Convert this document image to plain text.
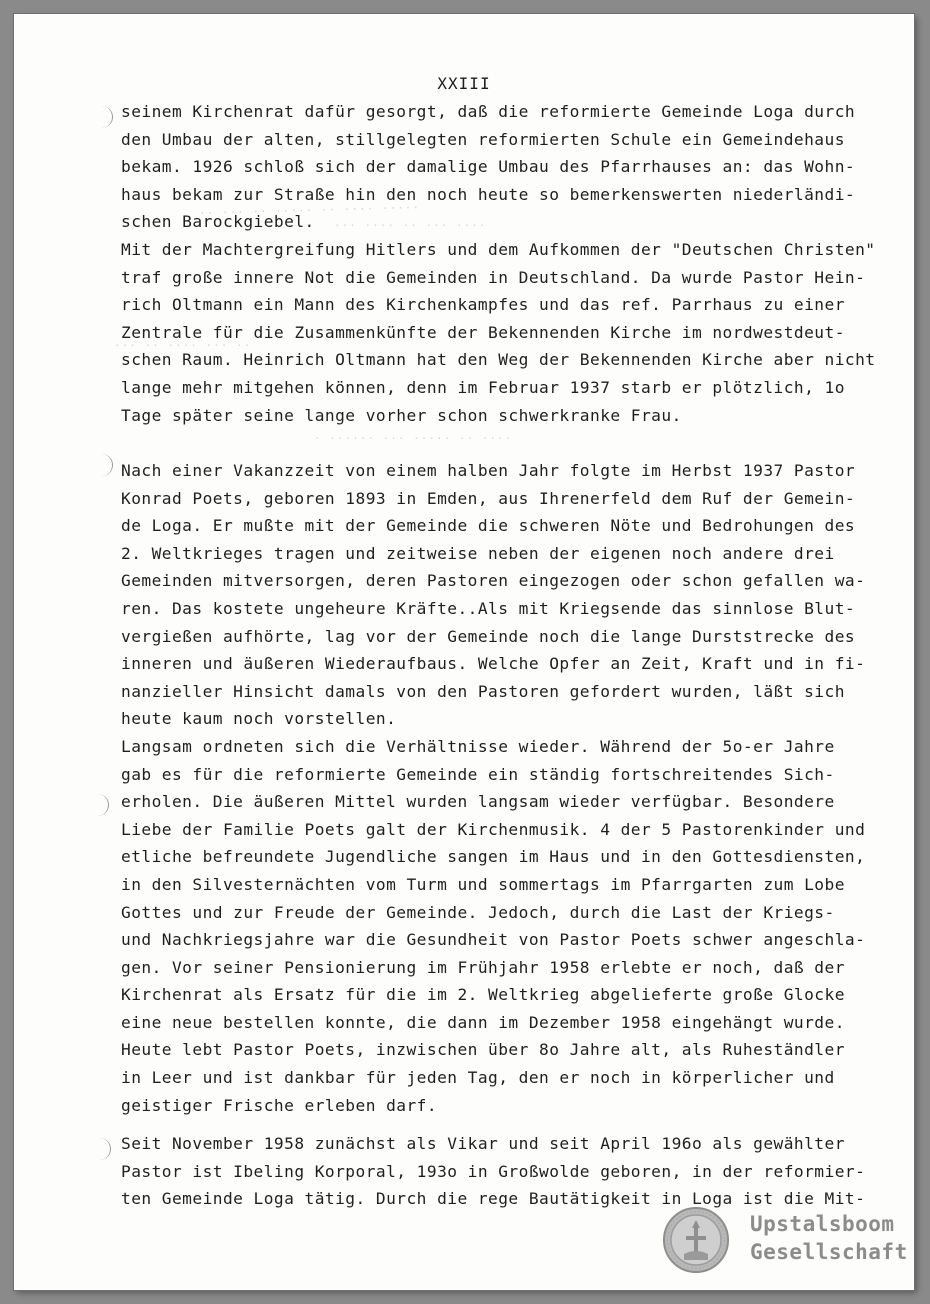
XXIII
·· ··· ·· ····· ·· ···· ·····
··· ···· ·· ··· ····
··· ·· ···· ··· ··
· ······ ··· ····· ·· ····
seinem Kirchenrat dafür gesorgt, daß die reformierte Gemeinde Loga durch
den Umbau der alten, stillgelegten reformierten Schule ein Gemeindehaus
bekam. 1926 schloß sich der damalige Umbau des Pfarrhauses an: das Wohn-
haus bekam zur Straße hin den noch heute so bemerkenswerten niederländi-
schen Barockgiebel.
Mit der Machtergreifung Hitlers und dem Aufkommen der "Deutschen Christen"
traf große innere Not die Gemeinden in Deutschland. Da wurde Pastor Hein-
rich Oltmann ein Mann des Kirchenkampfes und das ref. Parrhaus zu einer
Zentrale für die Zusammenkünfte der Bekennenden Kirche im nordwestdeut-
schen Raum. Heinrich Oltmann hat den Weg der Bekennenden Kirche aber nicht
lange mehr mitgehen können, denn im Februar 1937 starb er plötzlich, 1o
Tage später seine lange vorher schon schwerkranke Frau.
Nach einer Vakanzzeit von einem halben Jahr folgte im Herbst 1937 Pastor
Konrad Poets, geboren 1893 in Emden, aus Ihrenerfeld dem Ruf der Gemein-
de Loga. Er mußte mit der Gemeinde die schweren Nöte und Bedrohungen des
2. Weltkrieges tragen und zeitweise neben der eigenen noch andere drei
Gemeinden mitversorgen, deren Pastoren eingezogen oder schon gefallen wa-
ren. Das kostete ungeheure Kräfte..Als mit Kriegsende das sinnlose Blut-
vergießen aufhörte, lag vor der Gemeinde noch die lange Durststrecke des
inneren und äußeren Wiederaufbaus. Welche Opfer an Zeit, Kraft und in fi-
nanzieller Hinsicht damals von den Pastoren gefordert wurden, läßt sich
heute kaum noch vorstellen.
Langsam ordneten sich die Verhältnisse wieder. Während der 5o-er Jahre
gab es für die reformierte Gemeinde ein ständig fortschreitendes Sich-
erholen. Die äußeren Mittel wurden langsam wieder verfügbar. Besondere
Liebe der Familie Poets galt der Kirchenmusik. 4 der 5 Pastorenkinder und
etliche befreundete Jugendliche sangen im Haus und in den Gottesdiensten,
in den Silvesternächten vom Turm und sommertags im Pfarrgarten zum Lobe
Gottes und zur Freude der Gemeinde. Jedoch, durch die Last der Kriegs-
und Nachkriegsjahre war die Gesundheit von Pastor Poets schwer angeschla-
gen. Vor seiner Pensionierung im Frühjahr 1958 erlebte er noch, daß der
Kirchenrat als Ersatz für die im 2. Weltkrieg abgelieferte große Glocke
eine neue bestellen konnte, die dann im Dezember 1958 eingehängt wurde.
Heute lebt Pastor Poets, inzwischen über 8o Jahre alt, als Ruheständler
in Leer und ist dankbar für jeden Tag, den er noch in körperlicher und
geistiger Frische erleben darf.
Seit November 1958 zunächst als Vikar und seit April 196o als gewählter
Pastor ist Ibeling Korporal, 193o in Großwolde geboren, in der reformier-
ten Gemeinde Loga tätig. Durch die rege Bautätigkeit in Loga ist die Mit-
Upstalsboom
Gesellschaft
